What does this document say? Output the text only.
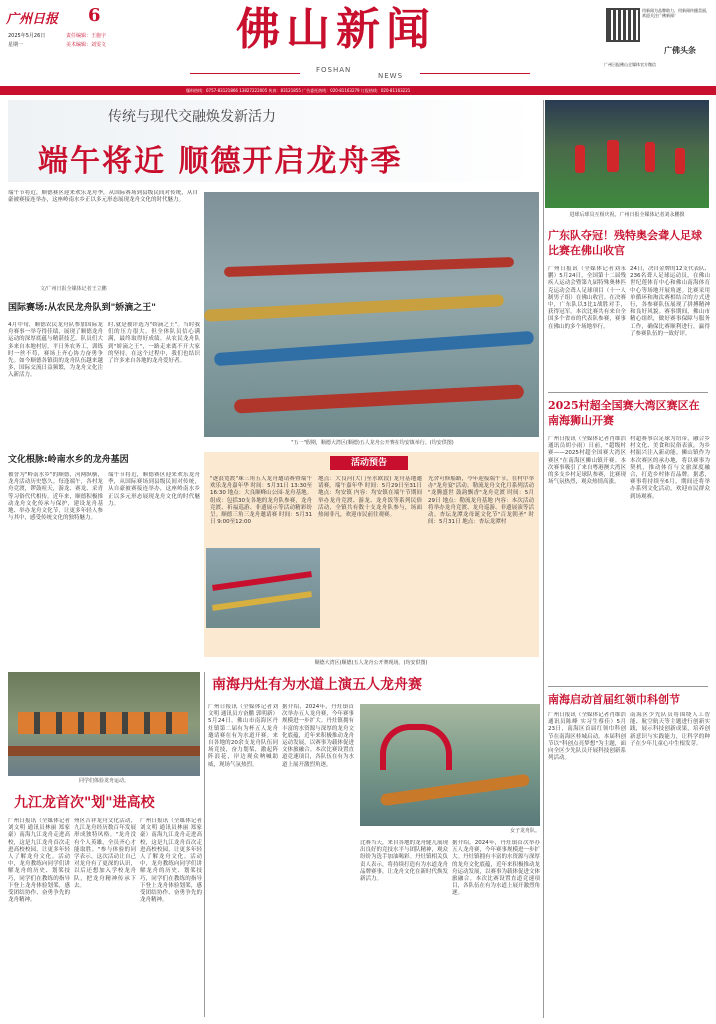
广州日报 6
2025年5月26日
星期一
责任编辑：王施宇
美术编辑：刘雯文	佛山新闻
FOSHAN
NEWS
用新闻为品牌助力，用新闻传播美丽，欢迎关注广佛新闻！
广州日报佛山全媒体官方微信
广佛头条
爆料热线：0757-83121866 13827222005 传真：83121855 广告委托热线：020-81163279 订报热线：020-81163221
传统与现代交融焕发新活力
端午将近 顺德开启龙舟季
端午节将近，顺德赛区迎来欢乐龙舟季，从国际赛场到县级民间对传统，从自豪被赛接连举办，这座岭南水乡正以多元形态展现龙舟文化的时代魅力。
文/广州日报全媒体记者王立鹏
国际赛场:从农民龙舟队到"娇滴之王"
4月中旬，顺德农民龙舟队参加国际龙舟赛事一举夺得佳绩，展现了顺德龙舟运动的深厚底蕴与精湛技艺。队员们大多来自本地村居，平日务农务工，训练时一丝不苟，赛场上齐心协力奋勇争先。如今顺德各镇街的龙舟队伍越来越多，国际交流日益频繁，为龙舟文化注入新活力。
时,就是被评选为"娇滴之王"。当时我们的压力很大，但全体队员信心满满，最终取得好成绩。从农民龙舟队到"娇滴之王"，一路走来离不开大家的坚持。在这个过程中，我们也结识了许多来自各地的龙舟爱好者。
文化根脉:岭南水乡的龙舟基因
被誉为"岭南水乡"的顺德，河网纵横，龙舟活动历史悠久。每逢端午，各村龙舟竞渡，锣鼓喧天，游龙、赛龙、采青等习俗代代相传。近年来，顺德积极推动龙舟文化传承与保护，建设龙舟基地、举办龙舟文化节，让更多年轻人参与其中，感受传统文化的独特魅力。
端午节将近，顺德赛区迎来欢乐龙舟季，从国际赛场到县级民间对传统，从自豪被赛接连举办，这座岭南水乡正以多元形态展现龙舟文化的时代魅力。
"五一"假期，顺德大湾区(顺德)五人龙舟公开赛在均安镇举行。(均安供图)
活动预告
"逐浪宽渡"珠三角五人龙舟邀请赛暨端午欢乐龙舟嘉年华 时间：5月31日 13:30至16:30 地点：大良顺峰山公园·龙舟基地。组成：包括30支各地的龙舟队参赛，龙舟竞渡、祈福巡游、非遗展示等活动精彩纷呈。顺德三角三龙舟邀请赛 时间：5月31日 9:00至12:00
地点：大良河(大门至水欧段) 龙舟基地邀请赛。端午嘉年华 时间：5月29日至31日 地点：均安镇 内容：均安镇在端午节期间举办龙舟竞渡、游龙、龙舟饭等系列民俗活动，全镇共有数十支龙舟队参与，场面热闹非凡，欢迎市民前往观赛。
光舍可修船路，今年迎接端午节，在村中举办"龙舟宴"活动。勒流龙舟文化月系列活动 "龙腾盛世 鼓韵飘香"龙舟竞渡 时间：5月29日 地点：勒流龙舟基地 内容：本次活动将举办龙舟竞渡、龙舟巡游、非遗展演等活动。杏坛龙潭龙母诞文化节"百龙朝圣" 时间：5月31日 地点：杏坛龙潭村
顺德大湾区(顺德)五人龙舟公开赛现场。(均安供图)
进球后球员互相庆祝。广州日报全媒体记者刘永鹏摄
广东队夺冠！残特奥会聋人足球比赛在佛山收官
广州日报讯（全媒体记者刘永鹏）5月24日，全国第十二届残疾人运动会暨第九届特殊奥林匹克运动会聋人足球项目（十一人制男子组）在佛山收官。在决赛中，广东队以3比1战胜对手，获得冠军。本次比赛共有来自全国多个省市的代表队参赛，赛事在佛山的多个场地举行。
24日，决自金牌的12支代表队、236名聋人足球运动员，在佛山世纪莲体育中心和佛山南海体育中心等场地开展角逐。比赛采用单循环和淘汰赛相结合的方式进行，各参赛队伍展现了拼搏精神和良好风貌。赛事期间，佛山市精心组织，做好赛事保障与服务工作，确保比赛顺利进行，赢得了参赛队伍的一致好评。
2025村超全国赛大湾区赛区在南海狮山开赛
广州日报讯（全媒体记者肖维浩 通讯员胡小雨）日前，"超级村赛——2025村超全国赛大湾区赛区"在南海区狮山镇开赛。本次赛事吸引了来自粤港澳大湾区的多支乡村足球队参赛，比赛现场气氛热烈，观众热情高涨。
村超赛事以足球为纽带，融合乡村文化、美食和民俗表演，为乡村振兴注入新动能。狮山镇作为本次赛区的承办地，将以赛事为契机，推动体育与文旅深度融合，打造乡村体育品牌。据悉，赛事将持续至6月，期间还将举办系列文化活动，欢迎市民群众到场观赛。
南海启动首届红领巾科创节
广州日报讯（全媒体记者肖维浩 通讯员陈峰 实习生蔡佳）5月23日，南海区首届红领巾科创节在南海区桂城启动。本届科创节以"科创点亮梦想"为主题，面向全区少先队员开展科技创新系列活动。
南海区少先队员将围绕人工智能、航空航天等主题进行创新实践，展示科技创新成果，培养创新意识与实践能力，让科学的种子在少年儿童心中生根发芽。
同学们体验龙舟运动。
九江龙首次"划"进高校
广州日报讯（全媒体记者刘文明 通讯员林丽 郑家豪）南海九江龙舟走进高校，这是九江龙舟首次走进高校校园，让更多年轻人了解龙舟文化。活动中，龙舟教练向同学们讲解龙舟的历史、划桨技巧，同学们在教练的指导下登上龙舟体验划桨，感受团结协作、奋勇争先的龙舟精神。
州区吉祥龙舟文化活动，九江龙舟经历数百年发展形成独特风格。"龙舟没有个人英雄，全员齐心才能取胜。"参与体验的同学表示，这次活动让自己对龙舟有了更深的认识，以后还想加入学校龙舟队，把龙舟精神传承下去。
广州日报讯（全媒体记者刘文明 通讯员林丽 郑家豪）南海九江龙舟走进高校，这是九江龙舟首次走进高校校园，让更多年轻人了解龙舟文化。活动中，龙舟教练向同学们讲解龙舟的历史、划桨技巧，同学们在教练的指导下登上龙舟体验划桨，感受团结协作、奋勇争先的龙舟精神。
南海丹灶有为水道上演五人龙舟赛
广州日报讯（全媒体记者刘文明 通讯员方奋鹏 郭明新）5月24日，佛山市南海区丹灶镇第二届有为杯五人龙舟邀请赛在有为水道开赛。来自各地的20余支龙舟队伍同场竞技，奋力划桨，激起阵阵浪花，岸边观众呐喊助威，现场气氛热烈。
据介绍，2024年，丹灶镇首次举办五人龙舟赛，今年赛事规模进一步扩大。丹灶镇拥有丰富的水资源与深厚的龙舟文化底蕴，近年来积极推动龙舟运动发展，以赛事为载体促进文体旅融合。本次比赛设置直道竞速项目，各队伍在有为水道上展开激烈角逐。
女子龙舟队。
比赛当天，来自各地的龙舟健儿展现出良好的竞技水平与团队精神，观众纷纷为选手加油喝彩。丹灶镇相关负责人表示，将持续打造有为水道龙舟品牌赛事，让龙舟文化在新时代焕发新活力。
据介绍，2024年，丹灶镇首次举办五人龙舟赛，今年赛事规模进一步扩大。丹灶镇拥有丰富的水资源与深厚的龙舟文化底蕴，近年来积极推动龙舟运动发展，以赛事为载体促进文体旅融合。本次比赛设置直道竞速项目，各队伍在有为水道上展开激烈角逐。
